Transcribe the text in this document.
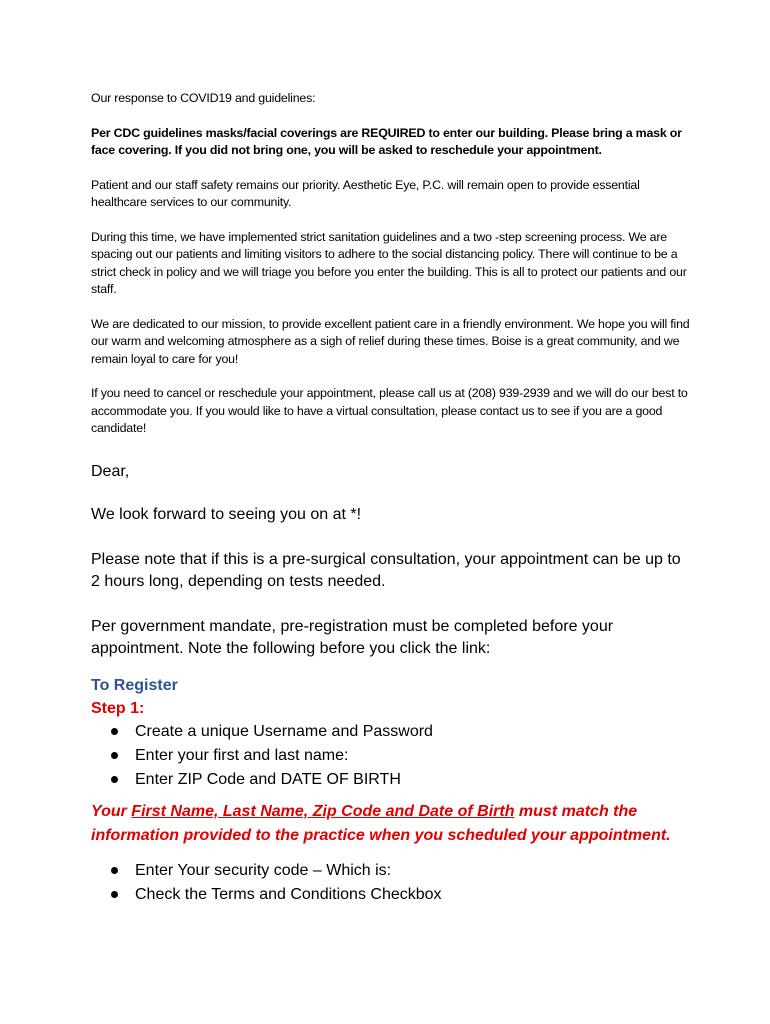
Our response to COVID19 and guidelines:

Per CDC guidelines masks/facial coverings are REQUIRED to enter our building. Please bring a mask or face covering. If you did not bring one, you will be asked to reschedule your appointment.

Patient and our staff safety remains our priority. Aesthetic Eye, P.C. will remain open to provide essential healthcare services to our community.

During this time, we have implemented strict sanitation guidelines and a two -step screening process. We are spacing out our patients and limiting visitors to adhere to the social distancing policy. There will continue to be a strict check in policy and we will triage you before you enter the building. This is all to protect our patients and our staff.

We are dedicated to our mission, to provide excellent patient care in a friendly environment. We hope you will find our warm and welcoming atmosphere as a sigh of relief during these times. Boise is a great community, and we remain loyal to care for you!

If you need to cancel or reschedule your appointment, please call us at (208) 939-2939 and we will do our best to accommodate you. If you would like to have a virtual consultation, please contact us to see if you are a good candidate!

Dear,

We look forward to seeing you on at *!

Please note that if this is a pre-surgical consultation, your appointment can be up to 2 hours long, depending on tests needed.

Per government mandate, pre-registration must be completed before your appointment. Note the following before you click the link:

To Register

Step 1:

Create a unique Username and Password
Enter your first and last name:
Enter ZIP Code and DATE OF BIRTH

Your First Name, Last Name, Zip Code and Date of Birth must match the information provided to the practice when you scheduled your appointment.

Enter Your security code – Which is:
Check the Terms and Conditions Checkbox
